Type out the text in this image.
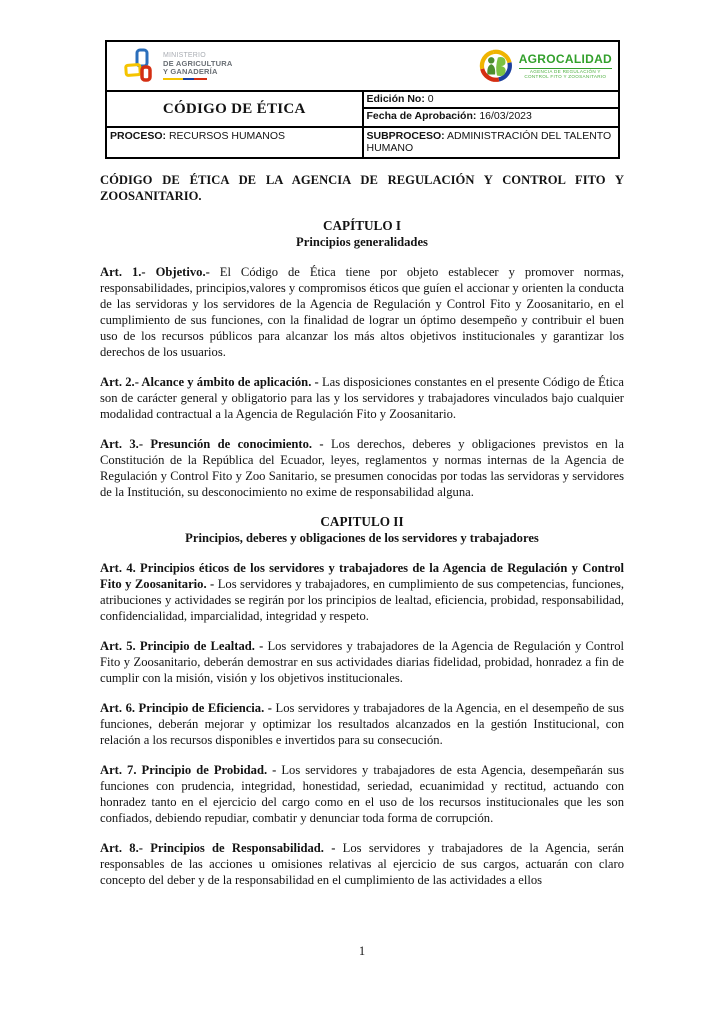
MINISTERIO
DE AGRICULTURA
Y GANADERÍA
AGROCALIDAD
AGENCIA DE REGULACIÓN Y
CONTROL FITO Y ZOOSANITARIO

CÓDIGO DE ÉTICA	Edición No: 0
Fecha de Aprobación: 16/03/2023

PROCESO: RECURSOS HUMANOS	SUBPROCESO: ADMINISTRACIÓN DEL TALENTO HUMANO

CÓDIGO DE ÉTICA DE LA AGENCIA DE REGULACIÓN Y CONTROL FITO Y ZOOSANITARIO.

CAPÍTULO I
Principios generalidades

Art. 1.- Objetivo.- El Código de Ética tiene por objeto establecer y promover normas, responsabilidades, principios,valores y compromisos éticos que guíen el accionar y orienten la conducta de las servidoras y los servidores de la Agencia de Regulación y Control Fito y Zoosanitario, en el cumplimiento de sus funciones, con la finalidad de lograr un óptimo desempeño y contribuir el buen uso de los recursos públicos para alcanzar los más altos objetivos institucionales y garantizar los derechos de los usuarios.

Art. 2.- Alcance y ámbito de aplicación. - Las disposiciones constantes en el presente Código de Ética son de carácter general y obligatorio para las y los servidores y trabajadores vinculados bajo cualquier modalidad contractual a la Agencia de Regulación Fito y Zoosanitario.

Art. 3.- Presunción de conocimiento. - Los derechos, deberes y obligaciones previstos en la Constitución de la República del Ecuador, leyes, reglamentos y normas internas de la Agencia de Regulación y Control Fito y Zoo Sanitario, se presumen conocidas por todas las servidoras y servidores de la Institución, su desconocimiento no exime de responsabilidad alguna.

CAPITULO II
Principios, deberes y obligaciones de los servidores y trabajadores

Art. 4. Principios éticos de los servidores y trabajadores de la Agencia de Regulación y Control Fito y Zoosanitario. - Los servidores y trabajadores, en cumplimiento de sus competencias, funciones, atribuciones y actividades se regirán por los principios de lealtad, eficiencia, probidad, responsabilidad, confidencialidad, imparcialidad, integridad y respeto.

Art. 5. Principio de Lealtad. - Los servidores y trabajadores de la Agencia de Regulación y Control Fito y Zoosanitario, deberán demostrar en sus actividades diarias fidelidad, probidad, honradez a fin de cumplir con la misión, visión y los objetivos institucionales.

Art. 6. Principio de Eficiencia. - Los servidores y trabajadores de la Agencia, en el desempeño de sus funciones, deberán mejorar y optimizar los resultados alcanzados en la gestión Institucional, con relación a los recursos disponibles e invertidos para su consecución.

Art. 7. Principio de Probidad. - Los servidores y trabajadores de esta Agencia, desempeñarán sus funciones con prudencia, integridad, honestidad, seriedad, ecuanimidad y rectitud, actuando con honradez tanto en el ejercicio del cargo como en el uso de los recursos institucionales que les son confiados, debiendo repudiar, combatir y denunciar toda forma de corrupción.

Art. 8.- Principios de Responsabilidad. - Los servidores y trabajadores de la Agencia, serán responsables de las acciones u omisiones relativas al ejercicio de sus cargos, actuarán con claro concepto del deber y de la responsabilidad en el cumplimiento de las actividades a ellos

1
